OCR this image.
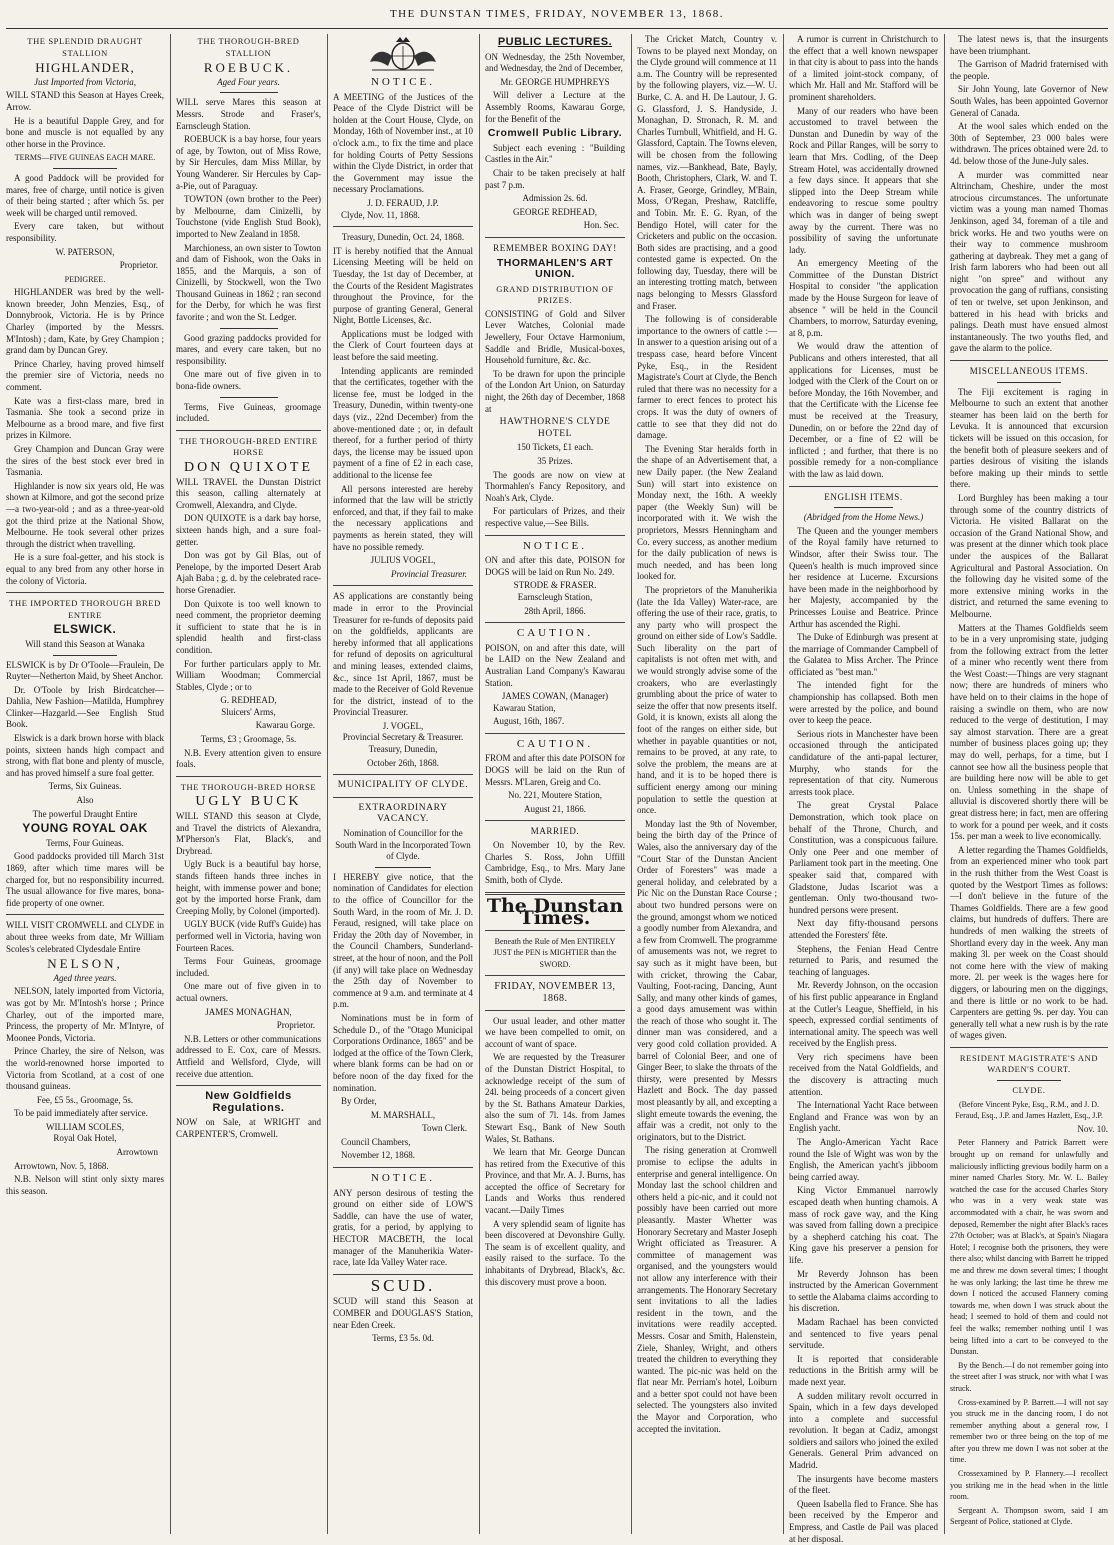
THE DUNSTAN TIMES, FRIDAY, NOVEMBER 13, 1868.
THE SPLENDID DRAUGHT STALLION
HIGHLANDER,

Just Imported from Victoria,

WILL STAND this Season at Hayes Creek, Arrow.

He is a beautiful Dapple Grey, and for bone and muscle is not equalled by any other horse in the Province.

TERMS—FIVE GUINEAS EACH MARE.

A good Paddock will be provided for mares, free of charge, until notice is given of their being started ; after which 5s. per week will be charged until removed.

Every care taken, but without responsibility.

W. PATERSON,
Proprietor.

PEDIGREE.

HIGHLANDER was bred by the well-known breeder, John Menzies, Esq., of Donnybrook, Victoria. He is by Prince Charley (imported by the Messrs. M'Intosh) ; dam, Kate, by Grey Champion ; grand dam by Duncan Grey.

Prince Charley, having proved himself the premier sire of Victoria, needs no comment.

Kate was a first-class mare, bred in Tasmania. She took a second prize in Melbourne as a brood mare, and five first prizes in Kilmore.

Grey Champion and Duncan Gray were the sires of the best stock ever bred in Tasmania.

Highlander is now six years old, He was shown at Kilmore, and got the second prize—a two-year-old ; and as a three-year-old got the third prize at the National Show, Melbourne. He took several other prizes through the district when travelling.

He is a sure foal-getter, and his stock is equal to any bred from any other horse in the colony of Victoria.

THE IMPORTED THOROUGH BRED ENTIRE
ELSWICK.

Will stand this Season at Wanaka

ELSWICK is by Dr O'Toole—Fraulein, De Ruyter—Netherton Maid, by Sheet Anchor.

Dr. O'Toole by Irish Birdcatcher—Dahlia, New Fashion—Matilda, Humphrey Clinker—Hazgarld.—See English Stud Book.

Elswick is a dark brown horse with black points, sixteen hands high compact and strong, with flat bone and plenty of muscle, and has proved himself a sure foal getter.

Terms, Six Guineas.

Also

The powerful Draught Entire

YOUNG ROYAL OAK

Terms, Four Guineas.

Good paddocks provided till March 31st 1869, after which time mares will be charged for, but no responsibility incurred. The usual allowance for five mares, bona-fide property of one owner.

WILL VISIT CROMWELL and CLYDE in about three weeks from date, Mr William Scoles's celebrated Clydesdale Entire

NELSON,

Aged three years.

NELSON, lately imported from Victoria, was got by Mr. M'Intosh's horse ; Prince Charley, out of the imported mare, Princess, the property of Mr. M'Intyre, of Moonee Ponds, Victoria.

Prince Charley, the sire of Nelson, was the world-renowned horse imported to Victoria from Scotland, at a cost of one thousand guineas.

Fee, £5 5s., Groomage, 5s.

To be paid immediately after service.

WILLIAM SCOLES,
Royal Oak Hotel,
Arrowtown

Arrowtown, Nov. 5, 1868.

N.B. Nelson will stint only sixty mares this season.

THE THOROUGH-BRED STALLION
ROEBUCK.

Aged Four years.

WILL serve Mares this season at Messrs. Strode and Fraser's, Earnscleugh Station.

ROEBUCK is a bay horse, four years of age, by Towton, out of Miss Rowe, by Sir Hercules, dam Miss Millar, by Young Wanderer. Sir Hercules by Cap-a-Pie, out of Paraguay.

TOWTON (own brother to the Peer) by Melbourne, dam Cinizelli, by Touchstone (vide English Stud Book), imported to New Zealand in 1858.

Marchioness, an own sister to Towton and dam of Fishook, won the Oaks in 1855, and the Marquis, a son of Cinizelli, by Stockwell, won the Two Thousand Guineas in 1862 ; ran second for the Derby, for which he was first favorite ; and won the St. Ledger.

Good grazing paddocks provided for mares, and every care taken, but no responsibility.

One mare out of five given in to bona-fide owners.

Terms, Five Guineas, groomage included.

THE THOROUGH-BRED ENTIRE HORSE
DON QUIXOTE

WILL TRAVEL the Dunstan District this season, calling alternately at Cromwell, Alexandra, and Clyde.

DON QUIXOTE is a dark bay horse, sixteen hands high, and a sure foal-getter.

Don was got by Gil Blas, out of Penelope, by the imported Desert Arab Ajah Baba ; g. d. by the celebrated race-horse Grenadier.

Don Quixote is too well known to need comment, the proprietor deeming it sufficient to state that he is in splendid health and first-class condition.

For further particulars apply to Mr. William Woodman; Commercial Stables, Clyde ; or to

G. REDHEAD,
Sluicers' Arms,
Kawarau Gorge.

Terms, £3 ; Groomage, 5s.

N.B. Every attention given to ensure foals.

THE THOROUGH-BRED HORSE
UGLY BUCK

WILL STAND this season at Clyde, and Travel the districts of Alexandra, M'Pherson's Flat, Black's, and Drybread.

Ugly Buck is a beautiful bay horse, stands fifteen hands three inches in height, with immense power and bone; got by the imported horse Frank, dam Creeping Molly, by Colonel (imported).

UGLY BUCK (vide Ruff's Guide) has performed well in Victoria, having won Fourteen Races.

Terms Four Guineas, groomage included.

One mare out of five given in to actual owners.

JAMES MONAGHAN,
Proprietor.

N.B. Letters or other communications addressed to E. Cox, care of Messrs. Attfield and Wellsford, Clyde, will receive due attention.

New Goldfields Regulations.

NOW on Sale, at WRIGHT and CARPENTER'S, Cromwell.

NOTICE.

A MEETING of the Justices of the Peace of the Clyde District will be holden at the Court House, Clyde, on Monday, 16th of November inst., at 10 o'clock a.m., to fix the time and place for holding Courts of Petty Sessions within the Clyde District, in order that the Government may issue the necessary Proclamations.

J. D. FERAUD, J.P.

Clyde, Nov. 11, 1868.

Treasury, Dunedin, Oct. 24, 1868.

IT is hereby notified that the Annual Licensing Meeting will be held on Tuesday, the 1st day of December, at the Courts of the Resident Magistrates throughout the Province, for the purpose of granting General, General Night, Bottle Licenses, &c.

Applications must be lodged with the Clerk of Court fourteen days at least before the said meeting.

Intending applicants are reminded that the certificates, together with the license fee, must be lodged in the Treasury, Dunedin, within twenty-one days (viz., 22nd December) from the above-mentioned date ; or, in default thereof, for a further period of thirty days, the license may be issued upon payment of a fine of £2 in each case, additional to the license fee

All persons interested are hereby informed that the law will be strictly enforced, and that, if they fail to make the necessary applications and payments as herein stated, they will have no possible remedy.

JULIUS VOGEL,
Provincial Treasurer.

AS applications are constantly being made in error to the Provincial Treasurer for re-funds of deposits paid on the goldfields, applicants are hereby informed that all applications for refund of deposits on agricultural and mining leases, extended claims, &c., since 1st April, 1867, must be made to the Receiver of Gold Revenue for the district, instead of to the Provincial Treasurer.

J. VOGEL,
Provincial Secretary & Treasurer.

Treasury, Dunedin,

October 26th, 1868.

MUNICIPALITY OF CLYDE.
EXTRAORDINARY VACANCY.

Nomination of Councillor for the South Ward in the Incorporated Town of Clyde.

I HEREBY give notice, that the nomination of Candidates for election to the office of Councillor for the South Ward, in the room of Mr. J. D. Feraud, resigned, will take place on Friday the 20th day of November, in the Council Chambers, Sunderland-street, at the hour of noon, and the Poll (if any) will take place on Wednesday the 25th day of November to commence at 9 a.m. and terminate at 4 p.m.

Nominations must be in form of Schedule D., of the "Otago Municipal Corporations Ordinance, 1865" and be lodged at the office of the Town Clerk, where blank forms can be had on or before noon of the day fixed for the nomination.

By Order,

M. MARSHALL,
Town Clerk.

Council Chambers,

November 12, 1868.

NOTICE.

ANY person desirous of testing the ground on either side of LOW'S Saddle, can have the use of water, gratis, for a period, by applying to HECTOR MACBETH, the local manager of the Manuherikia Water-race, late Ida Valley Water race.

SCUD.

SCUD will stand this Season at COMBER and DOUGLAS'S Station, near Eden Creek.

Terms, £3 5s. 0d.

PUBLIC LECTURES.

ON Wednesday, the 25th November, and Wednesday, the 2nd of December,

Mr. GEORGE HUMPHREYS

Will deliver a Lecture at the Assembly Rooms, Kawarau Gorge, for the Benefit of the

Cromwell Public Library.

Subject each evening : "Building Castles in the Air."

Chair to be taken precisely at half past 7 p.m.

Admission 2s. 6d.

GEORGE REDHEAD,
Hon. Sec.
REMEMBER BOXING DAY!
THORMAHLEN'S ART UNION.
GRAND DISTRIBUTION OF PRIZES.

CONSISTING of Gold and Silver Lever Watches, Colonial made Jewellery, Four Octave Harmonium, Saddle and Bridle, Musical-boxes, Household furniture, &c. &c.

To be drawn for upon the principle of the London Art Union, on Saturday night, the 26th day of December, 1868 at

HAWTHORNE'S CLYDE HOTEL

150 Tickets, £1 each.

35 Prizes.

The goods are now on view at Thormahlen's Fancy Repository, and Noah's Ark, Clyde.

For particulars of Prizes, and their respective value,—See Bills.

NOTICE.

ON and after this date, POISON for DOGS will be laid on Run No. 249.

STRODE & FRASER.

Earnscleugh Station,

28th April, 1866.

CAUTION.

POISON, on and after this date, will be LAID on the New Zealand and Australian Land Company's Kawarau Station.

JAMES COWAN, (Manager)

Kawarau Station,

August, 16th, 1867.

CAUTION.

FROM and after this date POISON for DOGS will be laid on the Run of Messrs. M'Laren, Greig and Co.

No. 221, Moutere Station,

August 21, 1866.

MARRIED.

On November 10, by the Rev. Charles S. Ross, John Uffill Cambridge, Esq., to Mrs. Mary Jane Smith, both of Clyde.

The Dunstan Times.

Beneath the Rule of Men ENTIRELY JUST the PEN is MIGHTIER than the SWORD.

FRIDAY, NOVEMBER 13, 1868.

Our usual leader, and other matter we have been compelled to omit, on account of want of space.

We are requested by the Treasurer of the Dunstan District Hospital, to acknowledge receipt of the sum of 24l. being proceeds of a concert given by the St. Bathans Amateur Darkies, also the sum of 7l. 14s. from James Stewart Esq., Bank of New South Wales, St. Bathans.

We learn that Mr. George Duncan has retired from the Executive of this Province, and that Mr. A. J. Burns, has accepted the office of Secretary for Lands and Works thus rendered vacant.—Daily Times

A very splendid seam of lignite has been discovered at Devonshire Gully. The seam is of excellent quality, and easily raised to the surface. To the inhabitants of Drybread, Black's, &c. this discovery must prove a boon.

The Cricket Match, Country v. Towns to be played next Monday, on the Clyde ground will commence at 11 a.m. The Country will be represented by the following players, viz.—W. U. Burke, C. A. and H. De Lautour, J. G. G. Glassford, J. S. Handyside, J. Monaghan, D. Stronach, R. M. and Charles Turnbull, Whitfield, and H. G. Glassford, Captain. The Towns eleven, will be chosen from the following names, viz.—Bankhead, Bate, Bayly, Booth, Christophers, Clark, W. and T. A. Fraser, George, Grindley, M'Bain, Moss, O'Regan, Preshaw, Ratcliffe, and Tobin. Mr. E. G. Ryan, of the Bendigo Hotel, will cater for the Cricketers and public on the occasion. Both sides are practising, and a good contested game is expected. On the following day, Tuesday, there will be an interesting trotting match, between nags belonging to Messrs Glassford and Fraser.

The following is of considerable importance to the owners of cattle :—In answer to a question arising out of a trespass case, heard before Vincent Pyke, Esq., in the Resident Magistrate's Court at Clyde, the Bench ruled that there was no necessity for a farmer to erect fences to protect his crops. It was the duty of owners of cattle to see that they did not do damage.

The Evening Star heralds forth in the shape of an Advertisement that, a new Daily paper. (the New Zealand Sun) will start into existence on Monday next, the 16th. A weekly paper (the Weekly Sun) will be incorporated with it. We wish the proprietors, Messrs Henningham and Co. every success, as another medium for the daily publication of news is much needed, and has been long looked for.

The proprietors of the Manuherikia (late the Ida Valley) Water-race, are offering the use of their race, gratis, to any party who will prospect the ground on either side of Low's Saddle. Such liberality on the part of capitalists is not often met with, and we would strongly advise some of the croakers, who are everlastingly grumbling about the price of water to seize the offer that now presents itself. Gold, it is known, exists all along the foot of the ranges on either side, but whether in payable quantities or not, remains to be proved, at any rate, to solve the problem, the means are at hand, and it is to be hoped there is sufficient energy among our mining population to settle the question at once.

Monday last the 9th of November, being the birth day of the Prince of Wales, also the anniversary day of the "Court Star of the Dunstan Ancient Order of Foresters" was made a general holiday, and celebrated by a Pic Nic on the Dunstan Race Course ; about two hundred persons were on the ground, amongst whom we noticed a goodly number from Alexandra, and a few from Cromwell. The programme of amusements was not, we regret to say such as it might have been, but with cricket, throwing the Cabar, Vaulting, Foot-racing, Dancing, Aunt Sally, and many other kinds of games, a good days amusement was within the reach of those who sought it. The dinner man was considered, and a very good cold collation provided. A barrel of Colonial Beer, and one of Ginger Beer, to slake the throats of the thirsty, were presented by Messrs Hazlett and Bock. The day passed most pleasantly by all, and excepting a slight emeute towards the evening, the affair was a credit, not only to the originators, but to the District.

The rising generation at Cromwell promise to eclipse the adults in enterprise and general intelligence. On Monday last the school children and others held a pic-nic, and it could not possibly have been carried out more pleasantly. Master Whetter was Honorary Secretary and Master Joseph Wright officiated as Treasurer. A committee of management was organised, and the youngsters would not allow any interference with their arrangements. The Honorary Secretary sent invitations to all the ladies resident in the town, and the invitations were readily accepted. Messrs. Cosar and Smith, Halenstein, Ziele, Shanley, Wright, and others treated the children to everything they wanted. The pic-nic was held on the flat near Mr. Perriam's hotel, Loiburn and a better spot could not have been selected. The youngsters also invited the Mayor and Corporation, who accepted the invitation.

A rumor is current in Christchurch to the effect that a well known newspaper in that city is about to pass into the hands of a limited joint-stock company, of which Mr. Hall and Mr. Stafford will be prominent shareholders.

Many of our readers who have been accustomed to travel between the Dunstan and Dunedin by way of the Rock and Pillar Ranges, will be sorry to learn that Mrs. Codling, of the Deep Stream Hotel, was accidentally drowned a few days since. It appears that she slipped into the Deep Stream while endeavoring to rescue some poultry which was in danger of being swept away by the current. There was no possibility of saving the unfortunate lady.

An emergency Meeting of the Committee of the Dunstan District Hospital to consider "the application made by the House Surgeon for leave of absence " will be held in the Council Chambers, to morrow, Saturday evening, at 8, p.m.

We would draw the attention of Publicans and others interested, that all applications for Licenses, must be lodged with the Clerk of the Court on or before Monday, the 16th November, and that the Certificate with the License fee must be received at the Treasury, Dunedin, on or before the 22nd day of December, or a fine of £2 will be inflicted ; and further, that there is no possible remedy for a non-compliance with the law as laid down.

ENGLISH ITEMS.

(Abridged from the Home News.)

The Queen and the younger members of the Royal family have returned to Windsor, after their Swiss tour. The Queen's health is much improved since her residence at Lucerne. Excursions have been made in the neighborhood by her Majesty, accompanied by the Princesses Louise and Beatrice. Prince Arthur has ascended the Righi.

The Duke of Edinburgh was present at the marriage of Commander Campbell of the Galatea to Miss Archer. The Prince officiated as "best man."

The intended fight for the championship has collapsed. Both men were arrested by the police, and bound over to keep the peace.

Serious riots in Manchester have been occasioned through the anticipated candidature of the anti-papal lecturer, Murphy, who stands for the representation of that city. Numerous arrests took place.

The great Crystal Palace Demonstration, which took place on behalf of the Throne, Church, and Constitution, was a conspicuous failure. Only one Peer and one member of Parliament took part in the meeting. One speaker said that, compared with Gladstone, Judas Iscariot was a gentleman. Only two-thousand two-hundred persons were present.

Next day fifty-thousand persons attended the Foresters' fête.

Stephens, the Fenian Head Centre returned to Paris, and resumed the teaching of languages.

Mr. Reverdy Johnson, on the occasion of his first public appearance in England at the Cutler's League, Sheffield, in his speech, expressed cordial sentiments of international amity. The speech was well received by the English press.

Very rich specimens have been received from the Natal Goldfields, and the discovery is attracting much attention.

The International Yacht Race between England and France was won by an English yacht.

The Anglo-American Yacht Race round the Isle of Wight was won by the English, the American yacht's jibboom being carried away.

King Victor Emmanuel narrowly escaped death when hunting chamois. A mass of rock gave way, and the King was saved from falling down a precipice by a shepherd catching his coat. The King gave his preserver a pension for life.

Mr Reverdy Johnson has been instructed by the American Government to settle the Alabama claims according to his discretion.

Madam Rachael has been convicted and sentenced to five years penal servitude.

It is reported that considerable reductions in the British army will be made next year.

A sudden military revolt occurred in Spain, which in a few days developed into a complete and successful revolution. It began at Cadiz, amongst soldiers and sailors who joined the exiled Generals. General Prim advanced on Madrid.

The insurgents have become masters of the fleet.

Queen Isabella fled to France. She has been received by the Emperor and Empress, and Castle de Pail was placed at her disposal.

The latest news is, that the insurgents have been triumphant.

The Garrison of Madrid fraternised with the people.

Sir John Young, late Governor of New South Wales, has been appointed Governor General of Canada.

At the wool sales which ended on the 30th of September, 23 000 bales were withdrawn. The prices obtained were 2d. to 4d. below those of the June-July sales.

A murder was committed near Altrincham, Cheshire, under the most atrocious circumstances. The unfortunate victim was a young man named Thomas Jenkinson, aged 34, foreman of a tile and brick works. He and two youths were on their way to commence mushroom gathering at daybreak. They met a gang of Irish farm laborers who had been out all night "on spree" and without any provocation the gang of ruffians, consisting of ten or twelve, set upon Jenkinson, and battered in his head with bricks and palings. Death must have ensued almost instantaneously. The two youths fled, and gave the alarm to the police.

MISCELLANEOUS ITEMS.

The Fiji excitement is raging in Melbourne to such an extent that another steamer has been laid on the berth for Levuka. It is announced that excursion tickets will be issued on this occasion, for the benefit both of pleasure seekers and of parties desirous of visiting the islands before making up their minds to settle there.

Lord Burghley has been making a tour through some of the country districts of Victoria. He visited Ballarat on the occasion of the Grand National Show, and was present at the dinner which took place under the auspices of the Ballarat Agricultural and Pastoral Association. On the following day he visited some of the more extensive mining works in the district, and returned the same evening to Melbourne.

Matters at the Thames Goldfields seem to be in a very unpromising state, judging from the following extract from the letter of a miner who recently went there from the West Coast:—Things are very stagnant now; there are hundreds of miners who have held on to their claims in the hope of raising a swindle on them, who are now reduced to the verge of destitution, I may say almost starvation. There are a great number of business places going up; they may do well, perhaps, for a time, but I cannot see how all the business people that are building here now will be able to get on. Unless something in the shape of alluvial is discovered shortly there will be great distress here; in fact, men are offering to work for a pound per week, and it costs 15s. per man a week to live economically.

A letter regarding the Thames Goldfields, from an experienced miner who took part in the rush thither from the West Coast is quoted by the Westport Times as follows:—I don't believe in the future of the Thames Goldfields. There are a few good claims, but hundreds of duffers. There are hundreds of men walking the streets of Shortland every day in the week. Any man making 3l. per week on the Coast should not come here with the view of making more. 2l. per week is the wages here for diggers, or labouring men on the diggings, and there is little or no work to be had. Carpenters are getting 9s. per day. You can generally tell what a new rush is by the rate of wages given.

RESIDENT MAGISTRATE'S AND WARDEN'S COURT.
CLYDE.

(Before Vincent Pyke, Esq., R.M., and J. D. Feraud, Esq., J.P. and James Hazlett, Esq., J.P.

Nov. 10.

Peter Flannery and Patrick Barrett were brought up on remand for unlawfully and maliciously inflicting grevious bodily harm on a miner named Charles Story. Mr. W. L. Bailey watched the case for the accused Charles Story who was in a very weak state was accommodated with a chair, he was sworn and deposed, Remember the night after Black's races 27th October; was at Black's, at Spain's Niagara Hotel; I recognise both the prisoners, they were there also; whilst dancing with Barrett he tripped me and threw me down several times; I thought he was only larking; the last time he threw me down I noticed the accused Flannery coming towards me, when down I was struck about the head; I seemed to hold of them and could not feel the walks; remember nothing until I was being lifted into a cart to be conveyed to the Dunstan.

By the Bench.—I do not remember going into the street after I was struck, nor with what I was struck.

Cross-examined by P. Barrett.—I will not say you struck me in the dancing room, I do not remember anything about a general row, I remember two or three being on the top of me after you threw me down I was not sober at the time.

Crossexamined by P. Flannery.—I recollect you striking me in the head when in the little room.

Sergeant A. Thompson sworn, said I am Sergeant of Police, stationed at Clyde.
